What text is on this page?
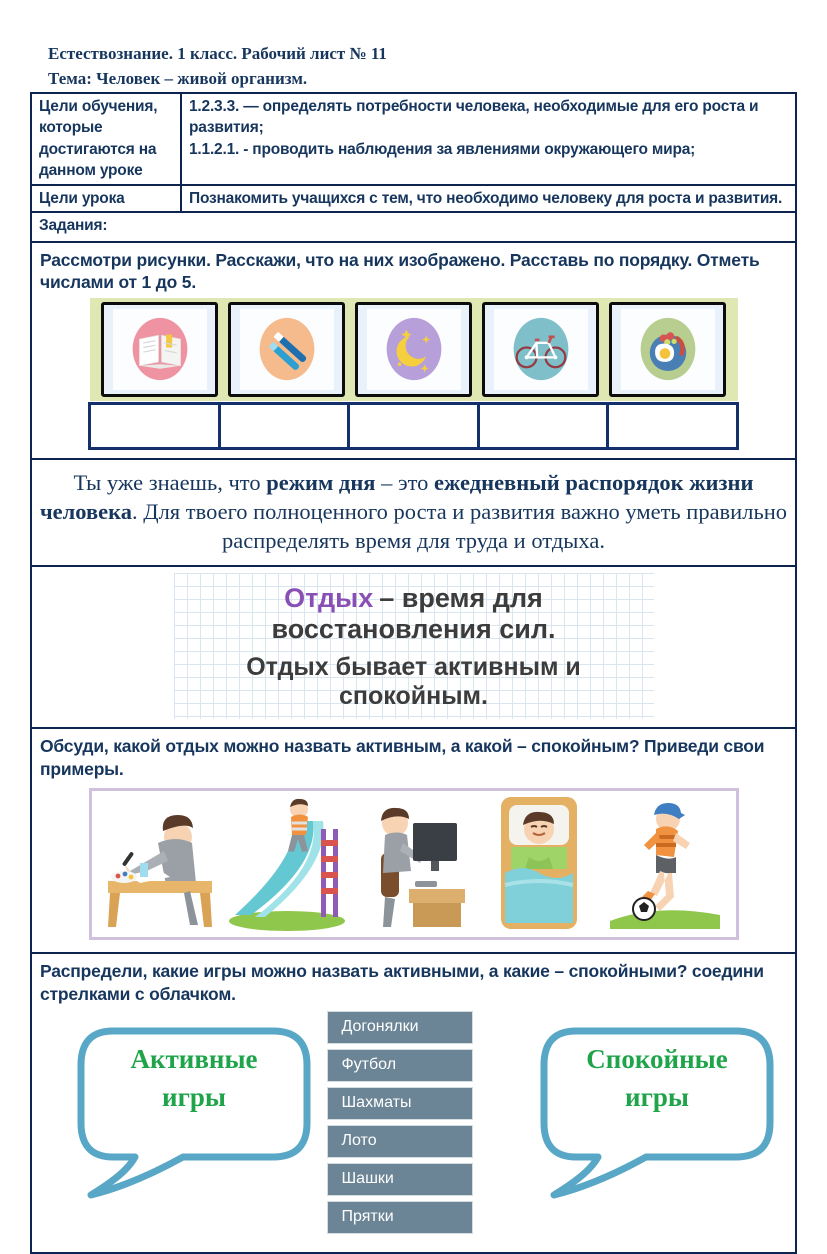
Естествознание. 1 класс. Рабочий лист № 11
Тема: Человек – живой организм.
Цели обучения, которые достигаются на данном уроке
1.2.3.3. — определять потребности человека, необходимые для его роста и развития;
1.1.2.1. - проводить наблюдения за явлениями окружающего мира;
Цели урока	Познакомить учащихся с тем, что необходимо человеку для роста и развития.
Задания:

Рассмотри рисунки. Расскажи, что на них изображено. Расставь по порядку. Отметь числами от 1 до 5.

Ты уже знаешь, что режим дня – это ежедневный распорядок жизни человека. Для твоего полноценного роста и развития важно уметь правильно распределять время для труда и отдыха.
Отдых – время для восстановления сил.
Отдых бывает активным и спокойным.

Обсуди, какой отдых можно назвать активным, а какой – спокойным? Приведи свои примеры.

Распредели, какие игры можно назвать активными, а какие – спокойными? соедини стрелками с облачком.

Активные
игры
Догонялки
Футбол
Шахматы
Лото
Шашки
Прятки
Спокойные
игры
